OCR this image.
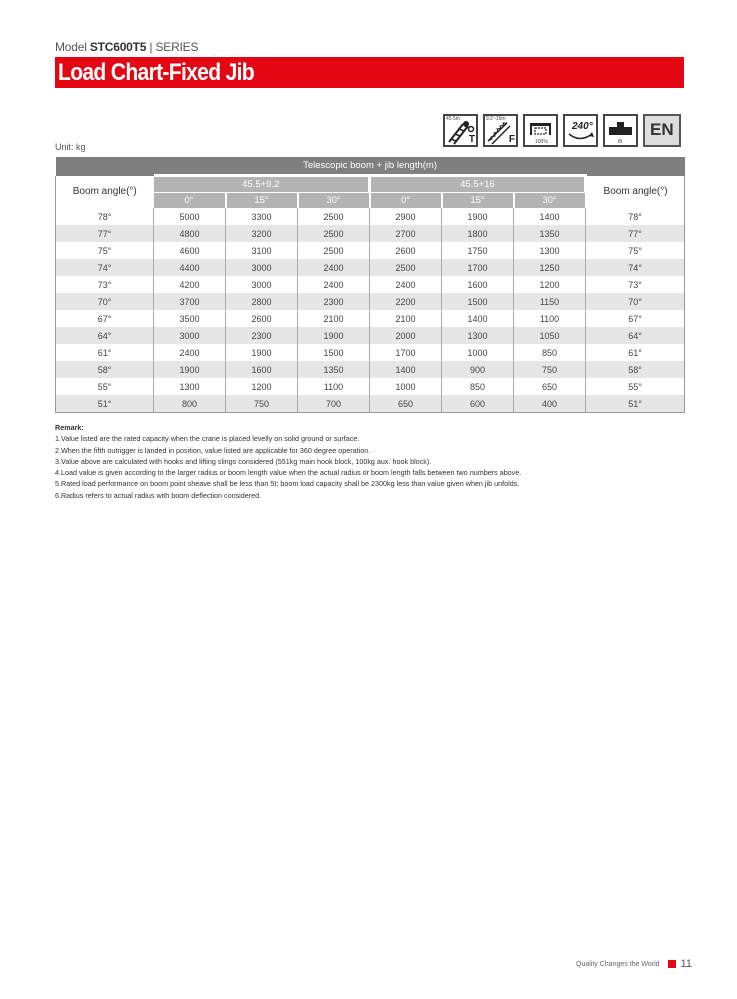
Model STC600T5 | SERIES
Load Chart-Fixed Jib
45.5m
T
9.2~16m
F	100%
240°
8t
EN
Unit: kg
Telescopic boom + jib length(m)							
Boom angle(°)	45.5+9.2			45.5+16			Boom angle(°)
	0°	15°	30°	0°	15°	30°	
78°	5000	3300	2500	2900	1900	1400	78°
77°	4800	3200	2500	2700	1800	1350	77°
75°	4600	3100	2500	2600	1750	1300	75°
74°	4400	3000	2400	2500	1700	1250	74°
73°	4200	3000	2400	2400	1600	1200	73°
70°	3700	2800	2300	2200	1500	1150	70°
67°	3500	2600	2100	2100	1400	1100	67°
64°	3000	2300	1900	2000	1300	1050	64°
61°	2400	1900	1500	1700	1000	850	61°
58°	1900	1600	1350	1400	900	750	58°
55°	1300	1200	1100	1000	850	650	55°
51°	800	750	700	650	600	400	51°
Remark:
1.Value listed are the rated capacity when the crane is placed levelly on solid ground or surface.
2.When the fifth outrigger is landed in position, value listed are applicable for 360 degree operation.
3.Value above are calculated with hooks and lifting slings considered (551kg main hook block, 100kg aux. hook block).
4.Load value is given according to the larger radius or boom length value when the actual radius or boom length falls between two numbers above.
5.Rated load performance on boom point sheave shall be less than 5t; boom load capacity shall be 2300kg less than value given when jib unfolds.
6.Radius refers to actual radius with boom deflection considered.
Quality Changes the World 11
